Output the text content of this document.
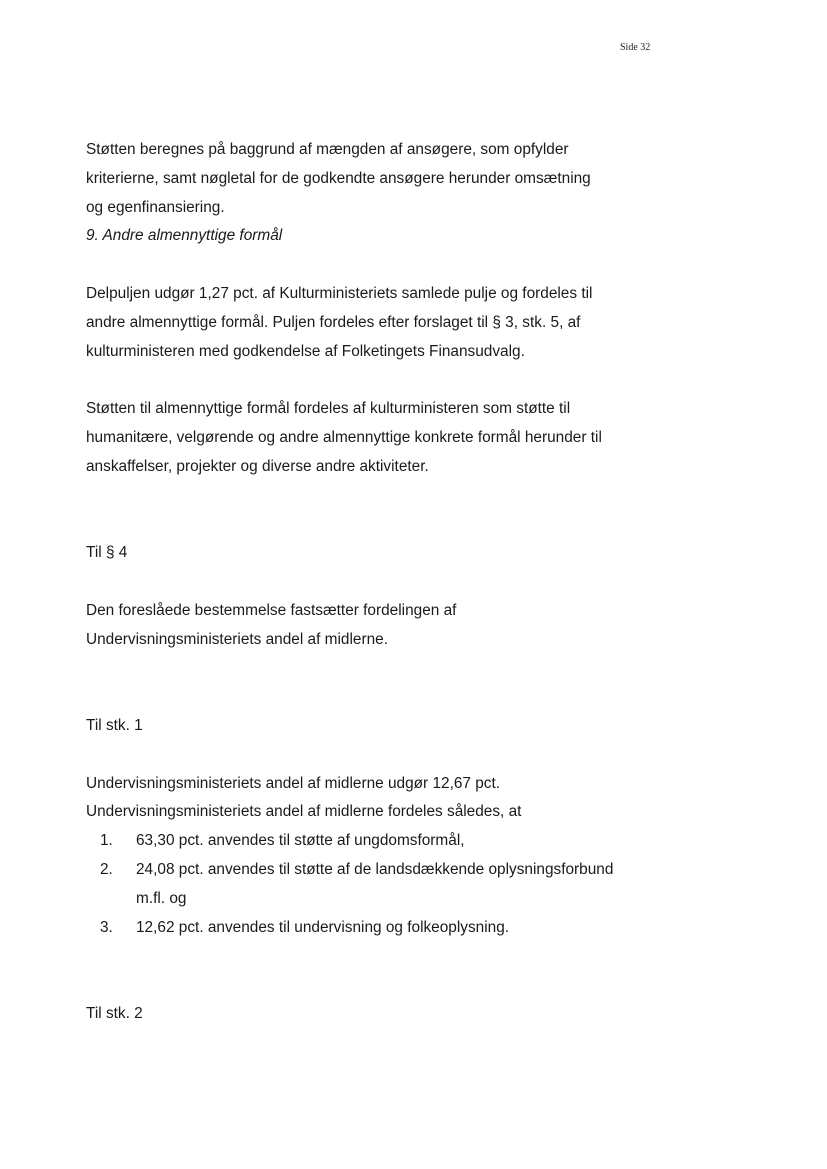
Side 32

Støtten beregnes på baggrund af mængden af ansøgere, som opfylder

kriterierne, samt nøgletal for de godkendte ansøgere herunder omsætning

og egenfinansiering.

9. Andre almennyttige formål

Delpuljen udgør 1,27 pct. af Kulturministeriets samlede pulje og fordeles til

andre almennyttige formål. Puljen fordeles efter forslaget til § 3, stk. 5, af

kulturministeren med godkendelse af Folketingets Finansudvalg.

Støtten til almennyttige formål fordeles af kulturministeren som støtte til

humanitære, velgørende og andre almennyttige konkrete formål herunder til

anskaffelser, projekter og diverse andre aktiviteter.

Til § 4

Den foreslåede bestemmelse fastsætter fordelingen af

Undervisningsministeriets andel af midlerne.

Til stk. 1

Undervisningsministeriets andel af midlerne udgør 12,67 pct.

Undervisningsministeriets andel af midlerne fordeles således, at

1. 63,30 pct. anvendes til støtte af ungdomsformål,
2. 24,08 pct. anvendes til støtte af de landsdækkende oplysningsforbund
m.fl. og
3. 12,62 pct. anvendes til undervisning og folkeoplysning.

Til stk. 2
